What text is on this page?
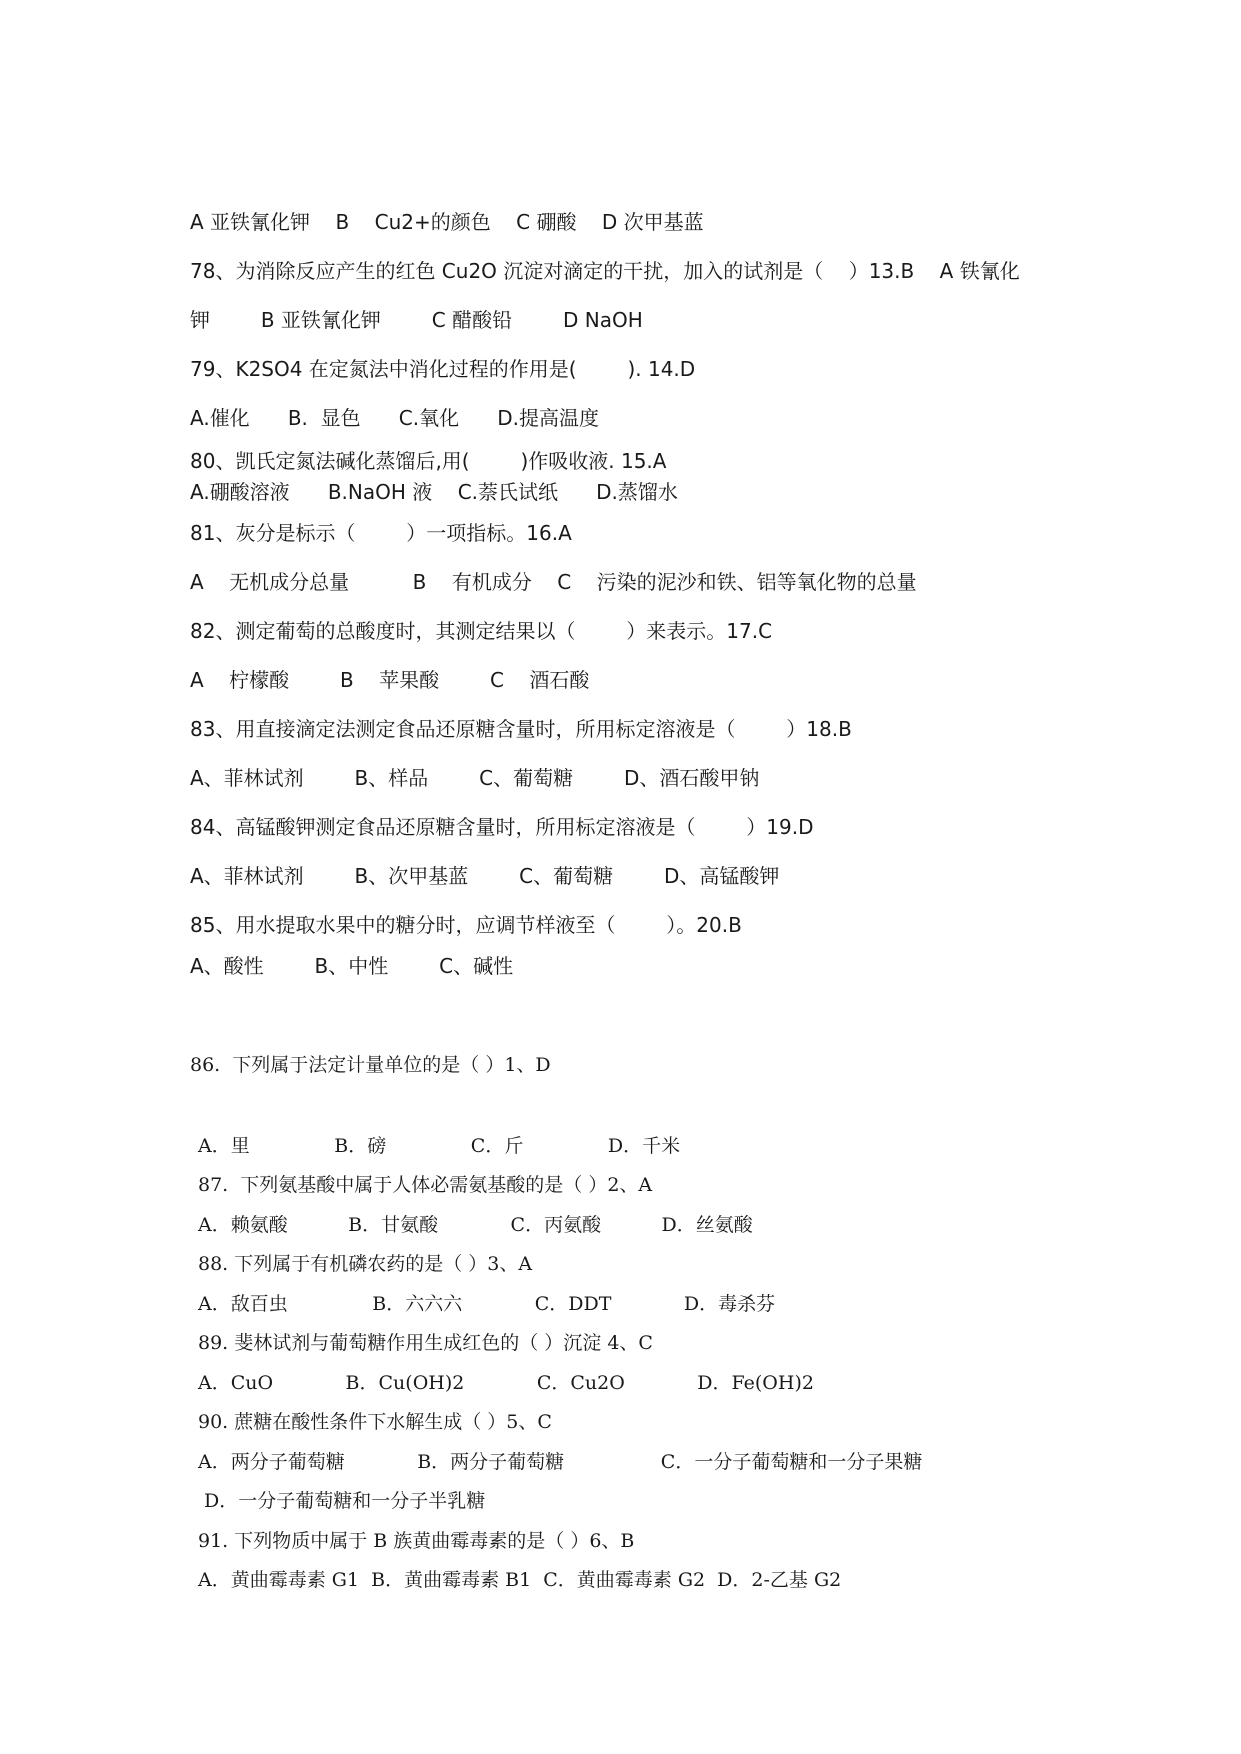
A 亚铁氰化钾    B    Cu2+的颜色    C 硼酸    D 次甲基蓝
78、为消除反应产生的红色 Cu2O 沉淀对滴定的干扰，加入的试剂是（    ）13.B    A 铁氰化
钾        B 亚铁氰化钾        C 醋酸铅        D NaOH
79、K2SO4 在定氮法中消化过程的作用是(        ). 14.D
A.催化      B.  显色      C.氧化      D.提高温度
80、凯氏定氮法碱化蒸馏后,用(        )作吸收液. 15.A
A.硼酸溶液      B.NaOH 液    C.萘氏试纸      D.蒸馏水
81、灰分是标示（        ）一项指标。16.A
A    无机成分总量          B    有机成分    C    污染的泥沙和铁、铝等氧化物的总量
82、测定葡萄的总酸度时，其测定结果以（        ）来表示。17.C
A    柠檬酸        B    苹果酸        C    酒石酸
83、用直接滴定法测定食品还原糖含量时，所用标定溶液是（        ）18.B
A、菲林试剂        B、样品        C、葡萄糖        D、酒石酸甲钠
84、高锰酸钾测定食品还原糖含量时，所用标定溶液是（        ）19.D
A、菲林试剂        B、次甲基蓝        C、葡萄糖        D、高锰酸钾
85、用水提取水果中的糖分时，应调节样液至（        ）。20.B
A、酸性        B、中性        C、碱性
86.  下列属于法定计量单位的是（ ）1、D
A．里              B．磅              C．斤              D．千米
87.  下列氨基酸中属于人体必需氨基酸的是（ ）2、A
A．赖氨酸          B．甘氨酸            C．丙氨酸          D．丝氨酸
88. 下列属于有机磷农药的是（ ）3、A
A．敌百虫              B．六六六            C．DDT            D．毒杀芬
89. 斐林试剂与葡萄糖作用生成红色的（ ）沉淀 4、C
A．CuO            B．Cu(OH)2            C．Cu2O            D．Fe(OH)2
90. 蔗糖在酸性条件下水解生成（ ）5、C
A．两分子葡萄糖            B．两分子葡萄糖                C．一分子葡萄糖和一分子果糖
D．一分子葡萄糖和一分子半乳糖
91. 下列物质中属于 B 族黄曲霉毒素的是（ ）6、B
A．黄曲霉毒素 G1  B．黄曲霉毒素 B1  C．黄曲霉毒素 G2  D．2-乙基 G2
